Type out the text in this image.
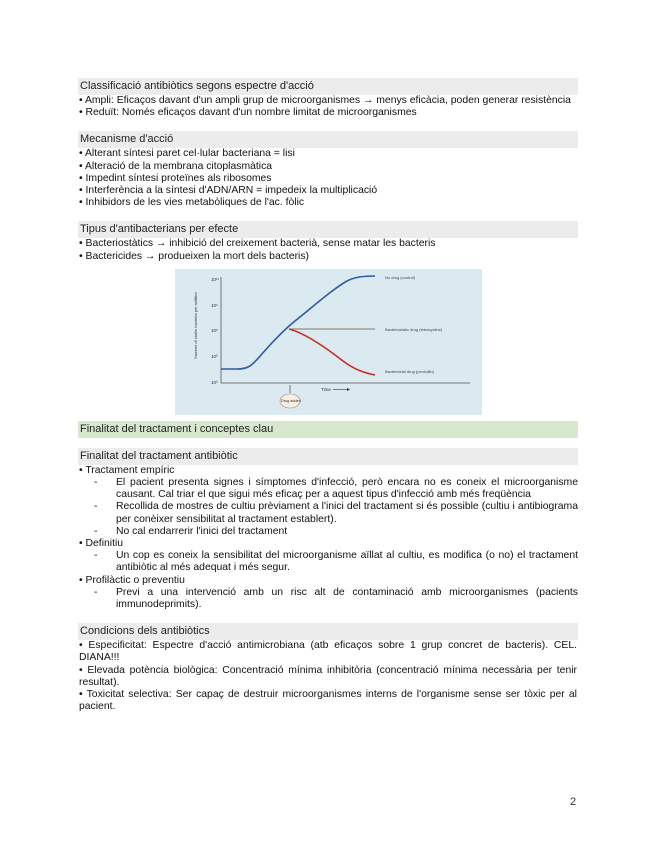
Classificació antibiòtics segons espectre d'acció
• Ampli: Eficaços davant d'un ampli grup de microorganismes → menys eficàcia, poden generar resistència
• Reduït: Només eficaços davant d'un nombre limitat de microorganismes
Mecanisme d'acció
• Alterant síntesi paret cel·lular bacteriana = lisi
• Alteració de la membrana citoplasmàtica
• Impedint síntesi proteïnes als ribosomes
• Interferència a la síntesi d'ADN/ARN = impedeix la multiplicació
• Inhibidors de les vies metabòliques de l'ac. fòlic
Tipus d'antibacterians per efecte
• Bacteriostàtics → inhibició del creixement bacterià, sense matar les bacteris
• Bactericides → produeixen la mort dels bacteris)
10¹¹
10⁹
10⁶
10³
10⁰
Number of viable bacteria per milliliter
Time
No drug (control)
Bacteriostatic drug (tetracycline)
Bactericidal drug (penicillin)
Drug added
Finalitat del tractament i conceptes clau
Finalitat del tractament antibiòtic
• Tractament empíric
-	El pacient presenta signes i símptomes d'infecció, però encara no es coneix el microorganisme causant. Cal triar el que sigui més eficaç per a aquest tipus d'infecció amb més freqüència
-	Recollida de mostres de cultiu prèviament a l'inici del tractament si és possible (cultiu i antibiograma per conèixer sensibilitat al tractament establert).
-	No cal endarrerir l'inici del tractament
• Definitiu
-	Un cop es coneix la sensibilitat del microorganisme aïllat al cultiu, es modifica (o no) el tractament antibiòtic al més adequat i més segur.
• Profilàctic o preventiu
-	Previ a una intervenció amb un risc alt de contaminació amb microorganismes (pacients immunodeprimits).
Condicions dels antibiòtics
• Especificitat: Espectre d'acció antimicrobiana (atb eficaços sobre 1 grup concret de bacteris). CEL. DIANA!!!
• Elevada potència biològica: Concentració mínima inhibitòria (concentració mínima necessària per tenir resultat).
• Toxicitat selectiva: Ser capaç de destruir microorganismes interns de l'organisme sense ser tòxic per al pacient.
2
